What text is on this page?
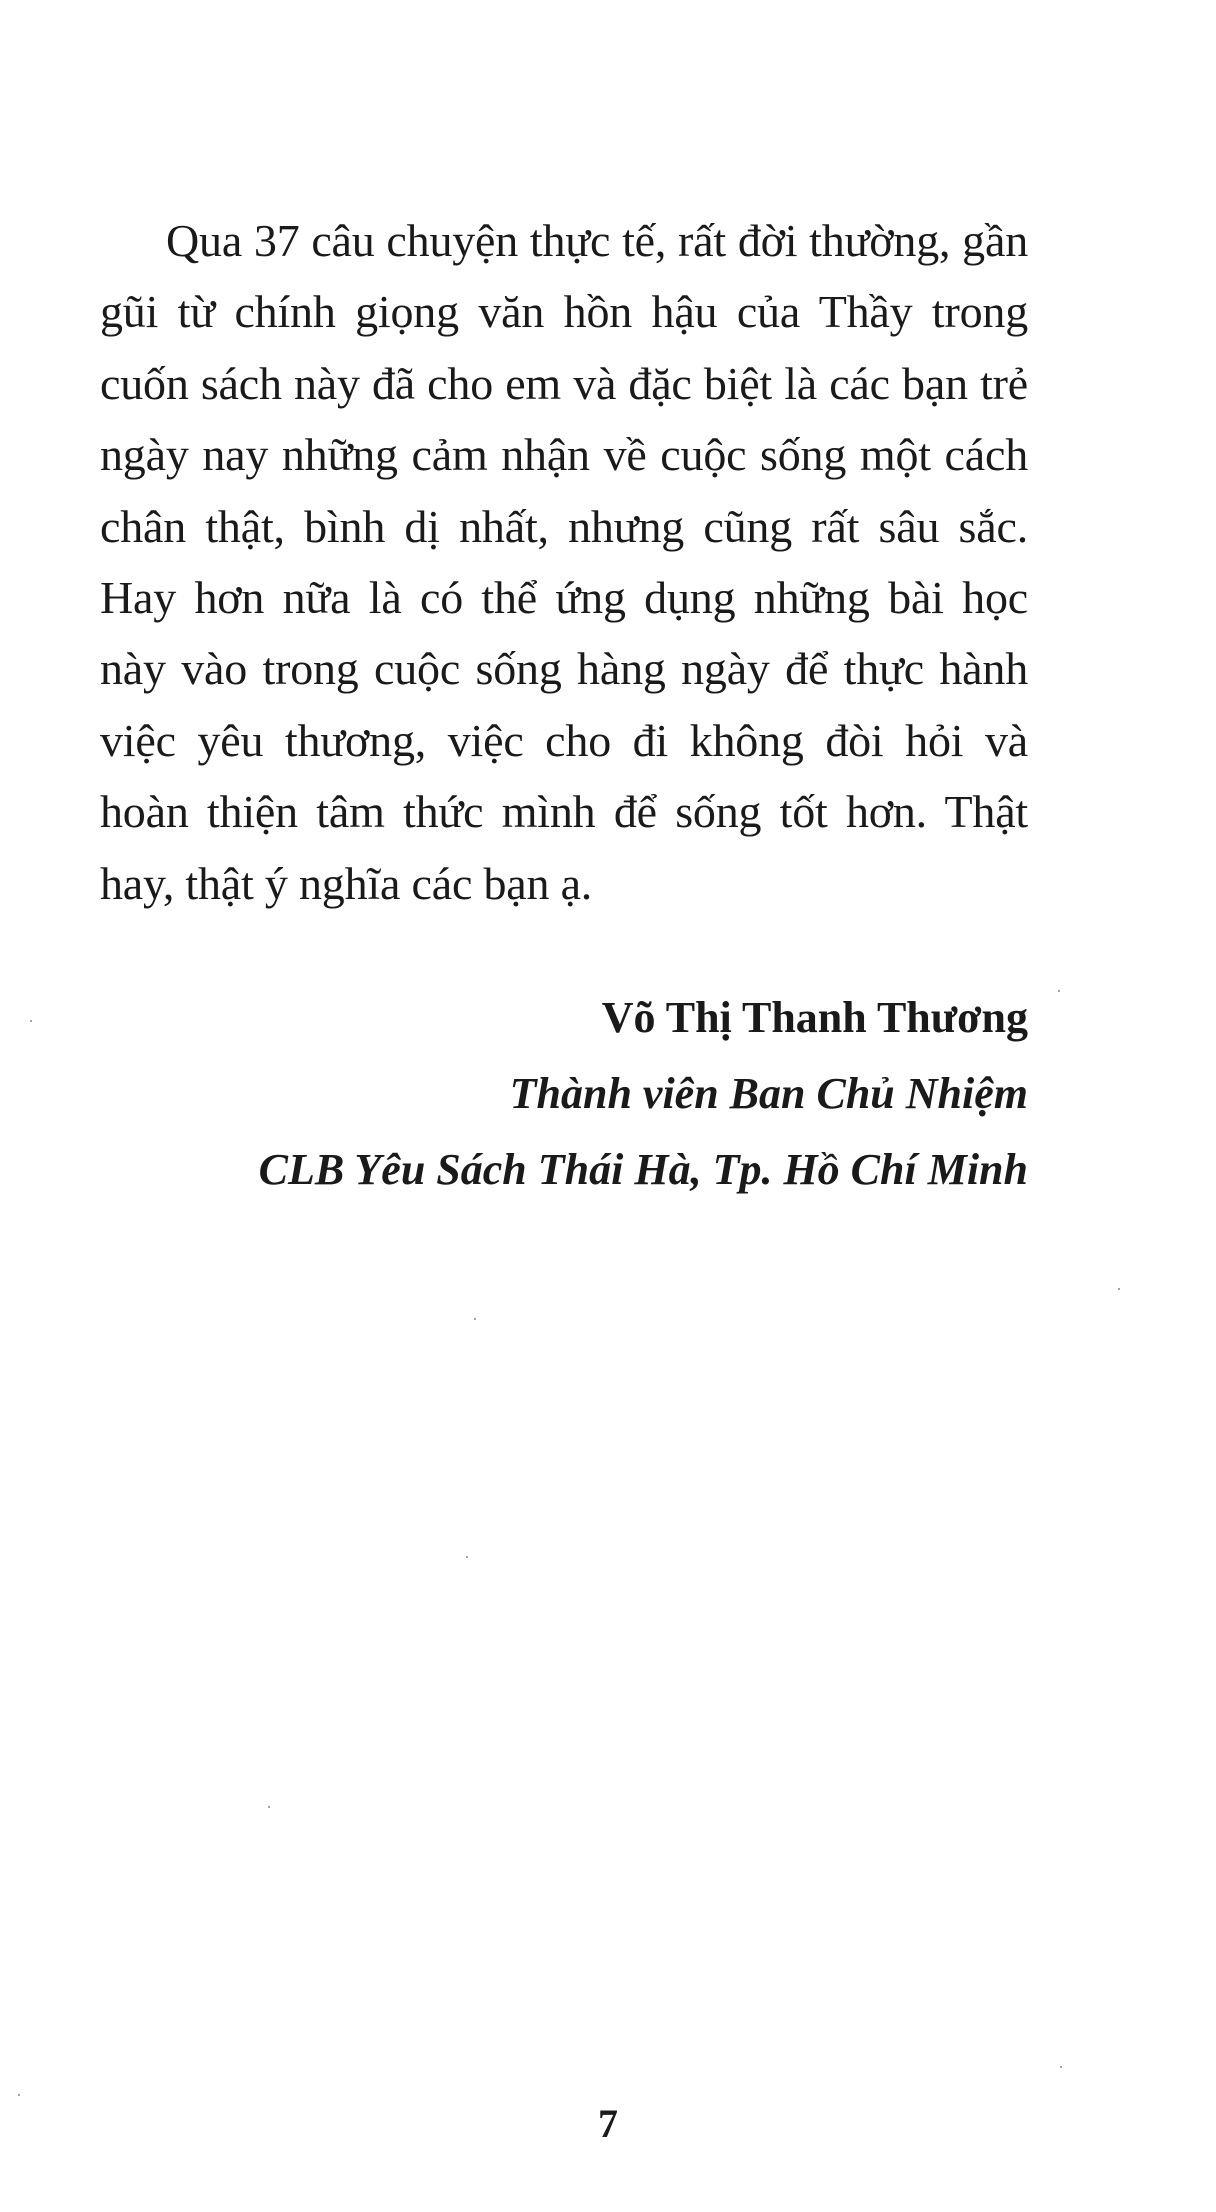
Qua 37 câu chuyện thực tế, rất đời thường, gần gũi từ chính giọng văn hồn hậu của Thầy trong cuốn sách này đã cho em và đặc biệt là các bạn trẻ ngày nay những cảm nhận về cuộc sống một cách chân thật, bình dị nhất, nhưng cũng rất sâu sắc. Hay hơn nữa là có thể ứng dụng những bài học này vào trong cuộc sống hàng ngày để thực hành việc yêu thương, việc cho đi không đòi hỏi và hoàn thiện tâm thức mình để sống tốt hơn. Thật hay, thật ý nghĩa các bạn ạ.

Võ Thị Thanh Thương
Thành viên Ban Chủ Nhiệm
CLB Yêu Sách Thái Hà, Tp. Hồ Chí Minh
7
